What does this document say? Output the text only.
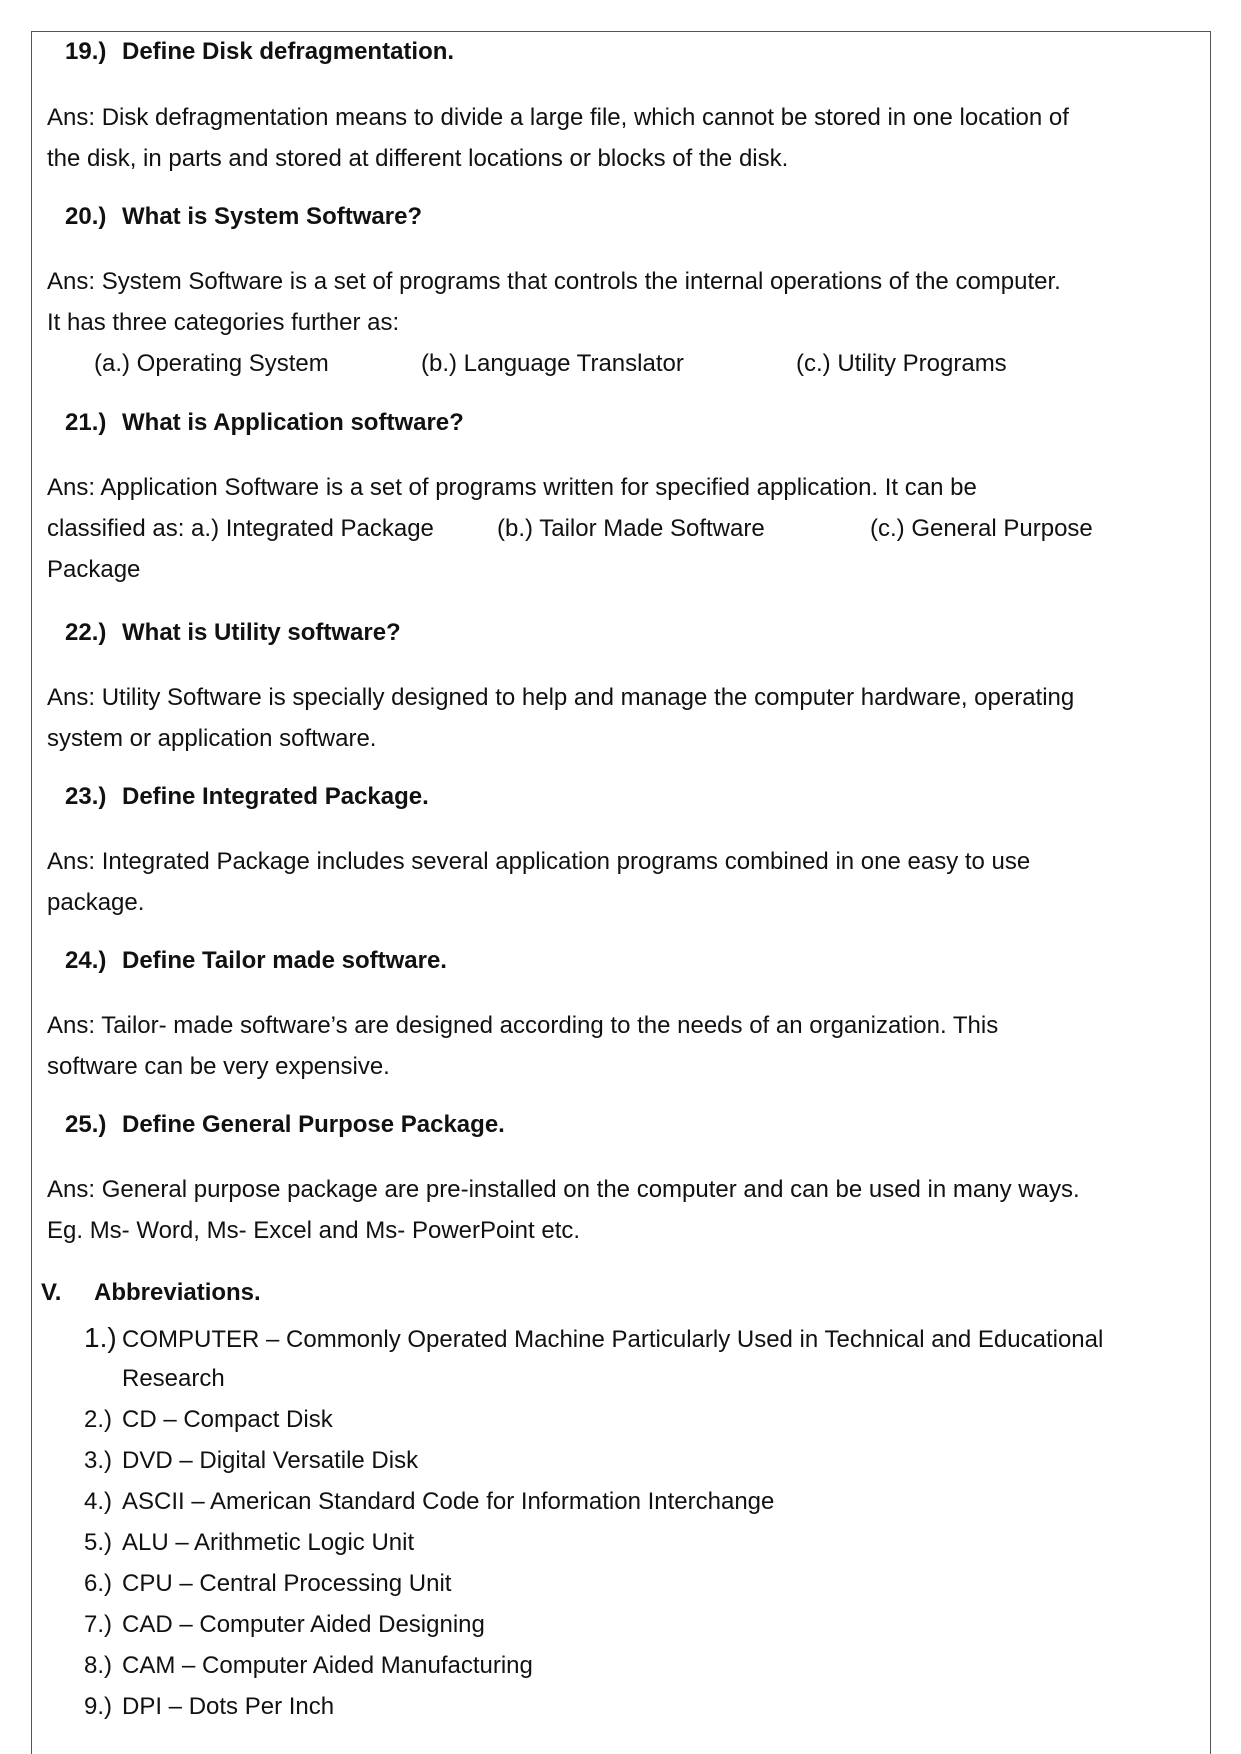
19.) Define Disk defragmentation.
Ans: Disk defragmentation means to divide a large file, which cannot be stored in one location of
the disk, in parts and stored at different locations or blocks of the disk.
20.) What is System Software?
Ans: System Software is a set of programs that controls the internal operations of the computer.
It has three categories further as:
(a.) Operating System	(b.) Language Translator	(c.) Utility Programs
21.) What is Application software?
Ans: Application Software is a set of programs written for specified application. It can be
classified as: a.) Integrated Package
Package
(b.) Tailor Made Software	(c.) General Purpose
22.) What is Utility software?
Ans: Utility Software is specially designed to help and manage the computer hardware, operating
system or application software.
23.) Define Integrated Package.
Ans: Integrated Package includes several application programs combined in one easy to use
package.
24.) Define Tailor made software.
Ans: Tailor- made software’s are designed according to the needs of an organization. This
software can be very expensive.
25.) Define General Purpose Package.
Ans: General purpose package are pre-installed on the computer and can be used in many ways.
Eg. Ms- Word, Ms- Excel and Ms- PowerPoint etc.
V. Abbreviations.
1.) COMPUTER – Commonly Operated Machine Particularly Used in Technical and Educational
Research
2.) CD – Compact Disk
3.) DVD – Digital Versatile Disk
4.) ASCII – American Standard Code for Information Interchange
5.) ALU – Arithmetic Logic Unit
6.) CPU – Central Processing Unit
7.) CAD – Computer Aided Designing
8.) CAM – Computer Aided Manufacturing
9.) DPI – Dots Per Inch
